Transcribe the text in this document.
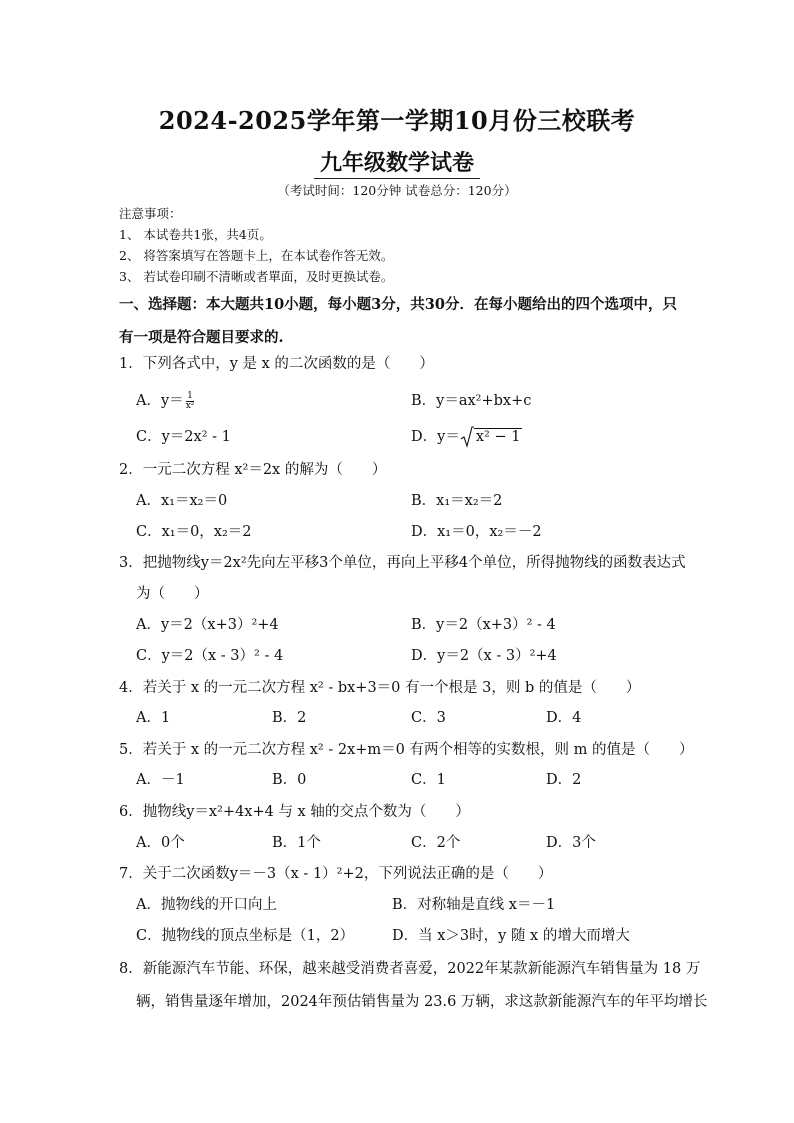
2024-2025学年第一学期10月份三校联考
九年级数学试卷
（考试时间：120分钟 试卷总分：120分）
注意事项：
1、 本试卷共1张，共4页。
2、 将答案填写在答题卡上，在本试卷作答无效。
3、 若试卷印刷不清晰或者單面，及时更换试卷。
一、选择题：本大题共10小题，每小题3分，共30分．在每小题给出的四个选项中，只有一项是符合题目要求的.
1．下列各式中，y 是 x 的二次函数的是（　　）
A．$y= \frac{1}{\text{x²}}$	B．y＝ax²+bx+c
C．y＝2x² - 1	D．y＝ x² − 1
2．一元二次方程 x²＝2x 的解为（　　）
A．x₁＝x₂＝0	B．x₁＝x₂＝2
C．x₁＝0，x₂＝2	D．x₁＝0，x₂＝－2
3．把抛物线y＝2x²先向左平移3个单位，再向上平移4个单位，所得抛物线的函数表达式
为（　　）
A．y＝2（x+3）²+4	B．y＝2（x+3）² - 4
C．y＝2（x - 3）² - 4	D．y＝2（x - 3）²+4
4．若关于 x 的一元二次方程 x² - bx+3＝0 有一个根是 3，则 b 的值是（　　）
A．1	B．2	C．3	D．4
5．若关于 x 的一元二次方程 x² - 2x+m＝0 有两个相等的实数根，则 m 的值是（　　）
A．－1	B．0	C．1	D．2
6．抛物线y＝x²+4x+4 与 x 轴的交点个数为（　　）
A．0个	B．1个	C．2个	D．3个
7．关于二次函数y＝－3（x - 1）²+2，下列说法正确的是（　　）
A．抛物线的开口向上	B．对称轴是直线 x＝－1
C．抛物线的顶点坐标是（1，2）	D．当 x＞3时，y 随 x 的增大而增大
8．新能源汽车节能、环保，越来越受消费者喜爱，2022年某款新能源汽车销售量为 18 万
辆，销售量逐年增加，2024年预估销售量为 23.6 万辆，求这款新能源汽车的年平均增长
